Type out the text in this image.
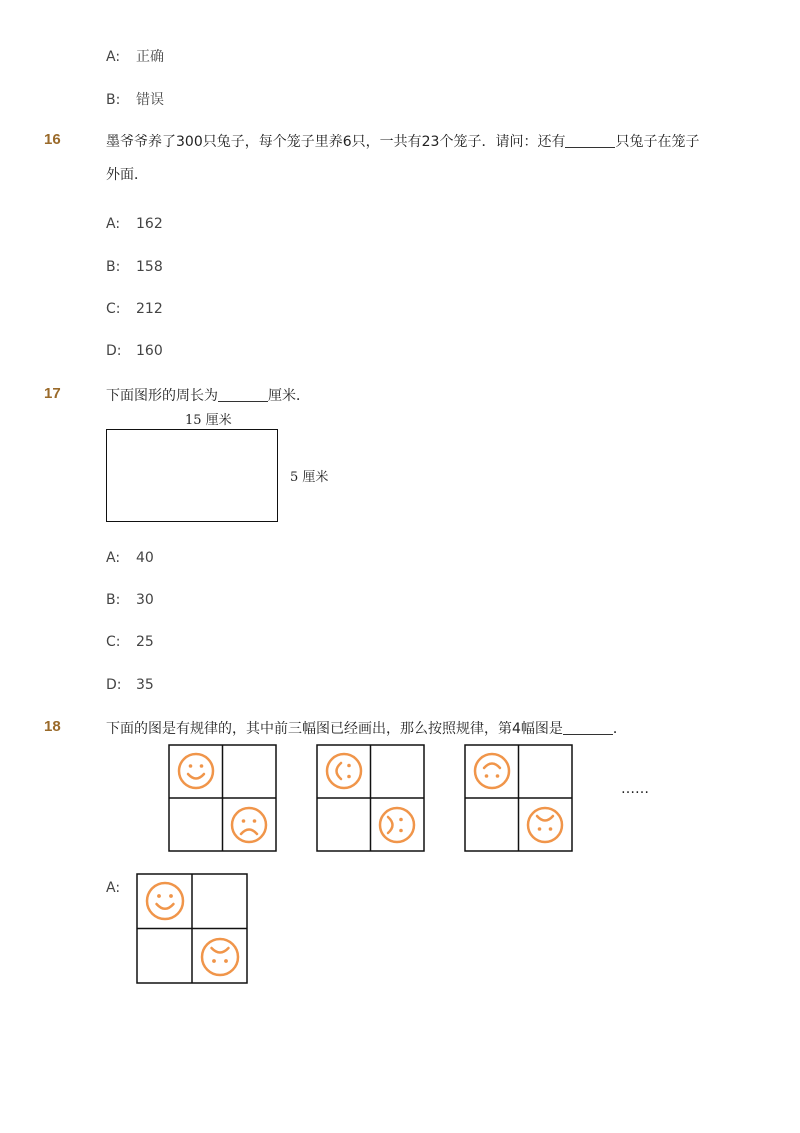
A: 正确
B: 错误
16	墨爷爷养了300只兔子，每个笼子里养6只，一共有23个笼子．请问：还有	只兔子在笼子
外面．
A: 162
B: 158
C: 212
D: 160
17	下面图形的周长为	厘米．
15 厘米
5 厘米
A: 40
B: 30
C: 25
D: 35
18	下面的图是有规律的，其中前三幅图已经画出，那么按照规律，第4幅图是	．
……
A:
